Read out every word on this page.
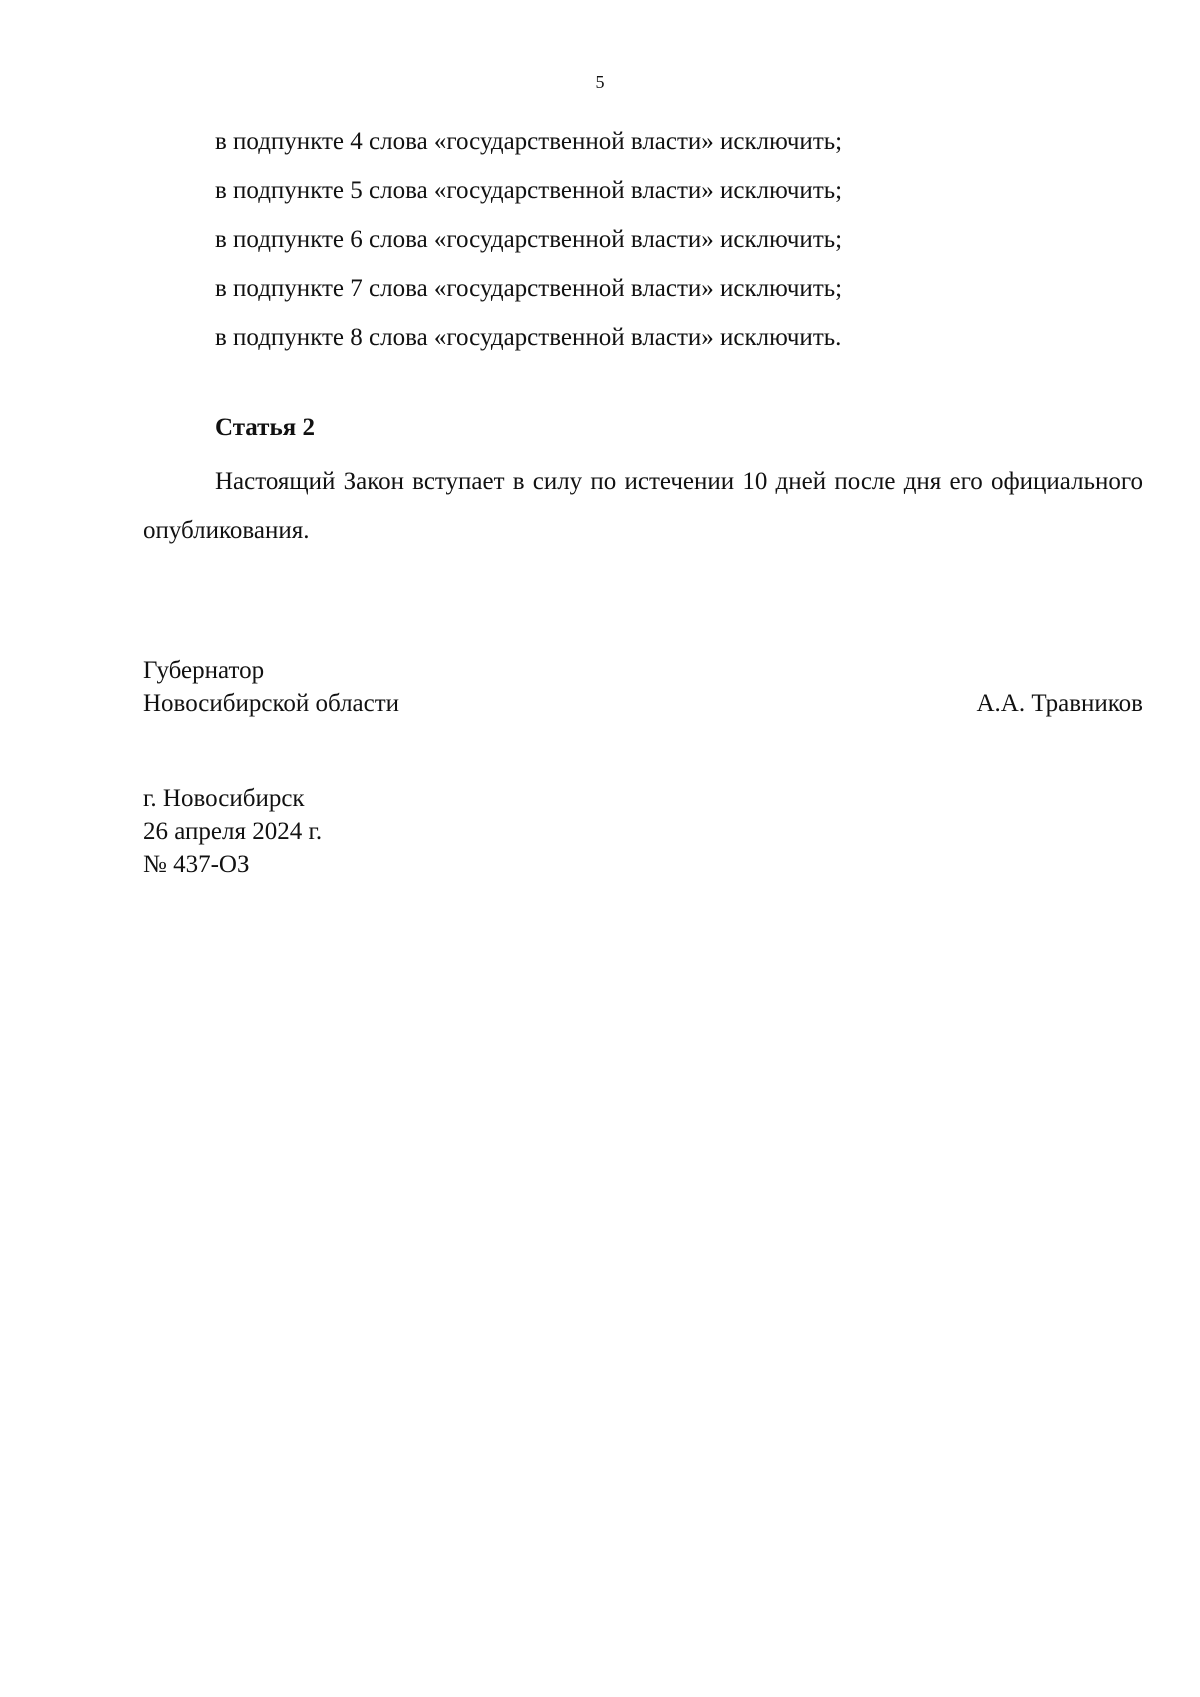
5

в подпункте 4 слова «государственной власти» исключить;

в подпункте 5 слова «государственной власти» исключить;

в подпункте 6 слова «государственной власти» исключить;

в подпункте 7 слова «государственной власти» исключить;

в подпункте 8 слова «государственной власти» исключить.

Статья 2

Настоящий Закон вступает в силу по истечении 10 дней после дня его официального опубликования.

Губернатор
Новосибирской области	А.А. Травников
г. Новосибирск
26 апреля 2024 г.
№ 437-ОЗ
